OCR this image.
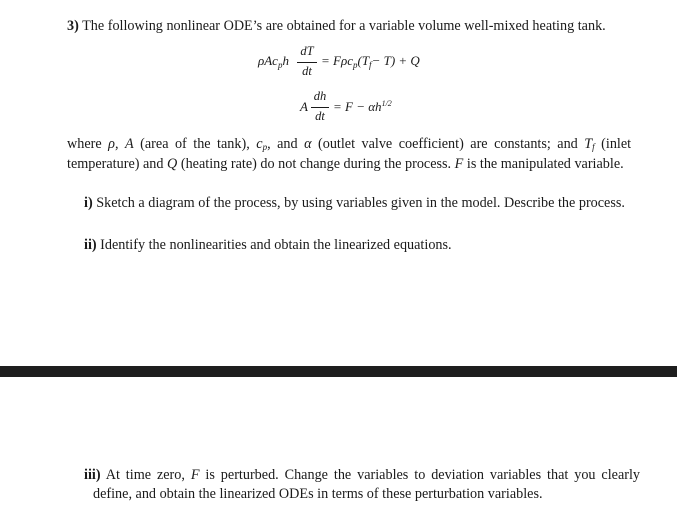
3) The following nonlinear ODE’s are obtained for a variable volume well-mixed heating tank.
ρAc$_p$h
dT
dt
= $F\rho c_p(T_f- T) + Q$
A
dh
dt
= $F - \alpha h^{1/2}$
where ρ, A (area of the tank), cp, and α (outlet valve coefficient) are constants; and Tf (inlet temperature) and Q (heating rate) do not change during the process. F is the manipulated variable.
i) Sketch a diagram of the process, by using variables given in the model. Describe the process.
ii) Identify the nonlinearities and obtain the linearized equations.
iii) At time zero, F is perturbed. Change the variables to deviation variables that you clearly define, and obtain the linearized ODEs in terms of these perturbation variables.
